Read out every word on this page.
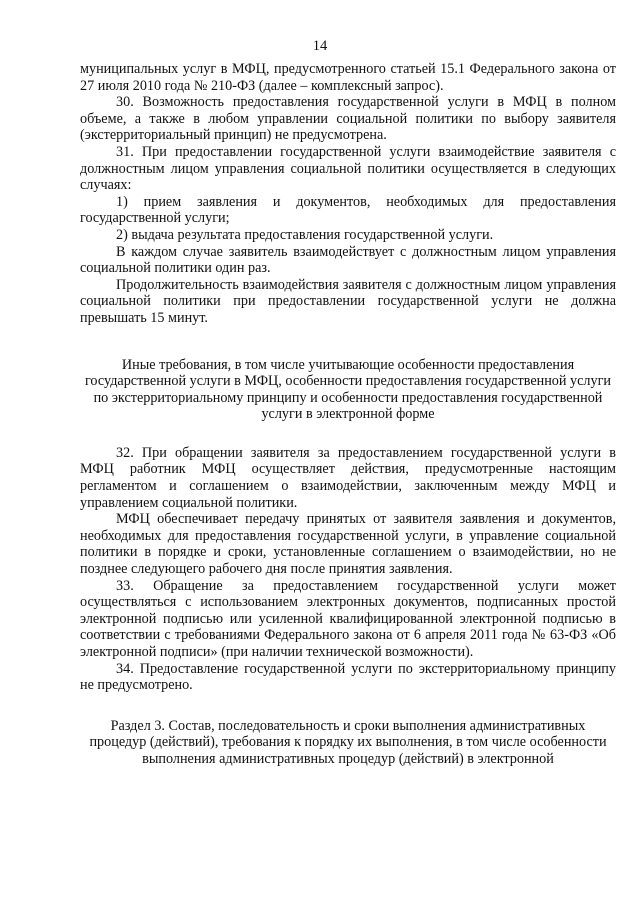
14

муниципальных услуг в МФЦ, предусмотренного статьей 15.1 Федерального закона от 27 июля 2010 года № 210-ФЗ (далее – комплексный запрос).

30. Возможность предоставления государственной услуги в МФЦ в полном объеме, а также в любом управлении социальной политики по выбору заявителя (экстерриториальный принцип) не предусмотрена.

31. При предоставлении государственной услуги взаимодействие заявителя с должностным лицом управления социальной политики осуществляется в следующих случаях:

1) прием заявления и документов, необходимых для предоставления государственной услуги;

2) выдача результата предоставления государственной услуги.

В каждом случае заявитель взаимодействует с должностным лицом управления социальной политики один раз.

Продолжительность взаимодействия заявителя с должностным лицом управления социальной политики при предоставлении государственной услуги не должна превышать 15 минут.

Иные требования, в том числе учитывающие особенности предоставления государственной услуги в МФЦ, особенности предоставления государственной услуги по экстерриториальному принципу и особенности предоставления государственной услуги в электронной форме

32. При обращении заявителя за предоставлением государственной услуги в МФЦ работник МФЦ осуществляет действия, предусмотренные настоящим регламентом и соглашением о взаимодействии, заключенным между МФЦ и управлением социальной политики.

МФЦ обеспечивает передачу принятых от заявителя заявления и документов, необходимых для предоставления государственной услуги, в управление социальной политики в порядке и сроки, установленные соглашением о взаимодействии, но не позднее следующего рабочего дня после принятия заявления.

33. Обращение за предоставлением государственной услуги может осуществляться с использованием электронных документов, подписанных простой электронной подписью или усиленной квалифицированной электронной подписью в соответствии с требованиями Федерального закона от 6 апреля 2011 года № 63-ФЗ «Об электронной подписи» (при наличии технической возможности).

34. Предоставление государственной услуги по экстерриториальному принципу не предусмотрено.

Раздел 3. Состав, последовательность и сроки выполнения административных процедур (действий), требования к порядку их выполнения, в том числе особенности выполнения административных процедур (действий) в электронной
